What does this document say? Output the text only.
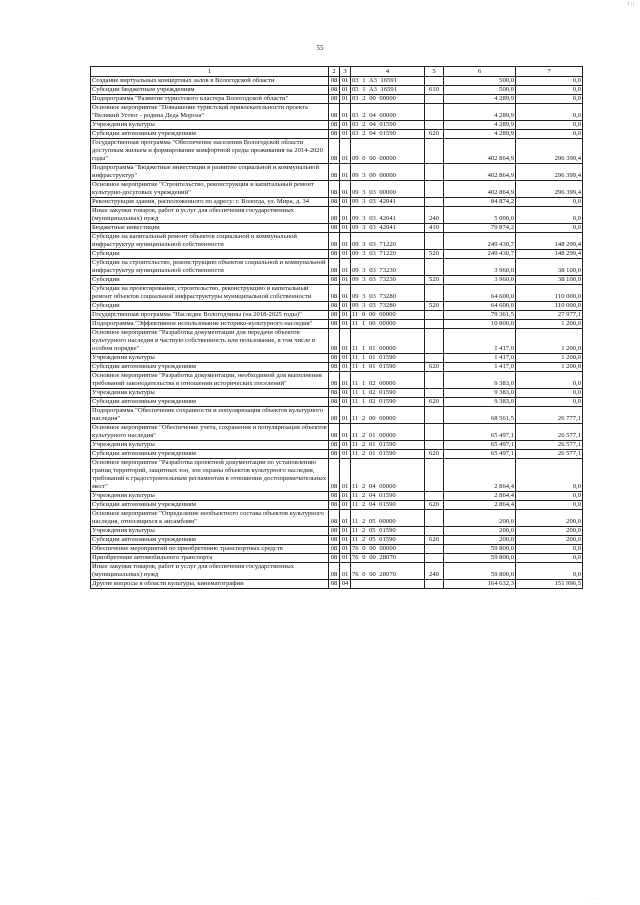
55
1 | |
· · ·
1	2	3	4	5	6	7
Создание виртуальных концертных залов в Вологодской области	08	01	03 1 A3 16591		500,0	0,0
Субсидии бюджетным учреждениям	08	01	03 1 A3 16591	610	500,0	0,0
Подпрограмма "Развитие туристского кластера Вологодской области"	08	01	03 2 00 00000		4 289,9	0,0
Основное мероприятие "Повышение туристской привлекательности проекта "Великий Устюг - родина Деда Мороза"	08	01	03 2 04 00000		4 289,9	0,0
Учреждения культуры	08	01	03 2 04 01590		4 289,9	0,0
Субсидии автономным учреждениям	08	01	03 2 04 01590	620	4 289,9	0,0
Государственная программа "Обеспечение населения Вологодской области доступным жильем и формирование комфортной среды проживания на 2014-2020 годы"	08	01	09 0 00 00000		402 864,9	296 399,4
Подпрограмма "Бюджетные инвестиции в развитие социальной и коммунальной инфраструктур"	08	01	09 3 00 00000		402 864,9	296 399,4
Основное мероприятие "Строительство, реконструкция и капитальный ремонт культурно-досуговых учреждений"	08	01	09 3 03 00000		402 864,9	296 399,4
Реконструкция здания, расположенного по адресу: г. Вологда, ул. Мира, д. 34	08	01	09 3 03 42041		84 874,2	0,0
Иные закупки товаров, работ и услуг для обеспечения государственных (муниципальных) нужд	08	01	09 3 03 42041	240	5 000,0	0,0
Бюджетные инвестиции	08	01	09 3 03 42041	410	79 874,2	0,0
Субсидии на капитальный ремонт объектов социальной и коммунальной инфраструктур муниципальной собственности	08	01	09 3 03 71220		249 430,7	148 299,4
Субсидии	08	01	09 3 03 71220	520	249 430,7	148 299,4
Субсидии на строительство, реконструкцию объектов социальной и коммунальной инфраструктур муниципальной собственности	08	01	09 3 03 73230		3 960,0	38 100,0
Субсидии	08	01	09 3 03 73230	520	3 960,0	38 100,0
Субсидии на проектирование, строительство, реконструкцию и капитальный ремонт объектов социальной инфраструктуры муниципальной собственности	08	01	09 3 03 73280		64 600,0	110 000,0
Субсидии	08	01	09 3 03 73280	520	64 600,0	110 000,0
Государственная программа "Наследие Вологодчины (на 2018-2025 годы)"	08	01	11 0 00 00000		79 361,5	27 977,1
Подпрограмма "Эффективное использование историко-культурного наследия"	08	01	11 1 00 00000		10 800,0	1 200,0
Основное мероприятие "Разработка документации для передачи объектов культурного наследия в частную собственность или пользование, в том числе в особом порядке"	08	01	11 1 01 00000		1 417,0	1 200,0
Учреждения культуры	08	01	11 1 01 01590		1 417,0	1 200,0
Субсидии автономным учреждениям	08	01	11 1 01 01590	620	1 417,0	1 200,0
Основное мероприятие "Разработка документации, необходимой для выполнения требований законодательства в отношении исторических поселений"	08	01	11 1 02 00000		9 383,0	0,0
Учреждения культуры	08	01	11 1 02 01590		9 383,0	0,0
Субсидии автономным учреждениям	08	01	11 1 02 01590	620	9 383,0	0,0
Подпрограмма "Обеспечение сохранности и популяризация объектов культурного наследия"	08	01	11 2 00 00000		68 561,5	26 777,1
Основное мероприятие "Обеспечение учета, сохранения и популяризация объектов культурного наследия"	08	01	11 2 01 00000		65 497,1	26 577,1
Учреждения культуры	08	01	11 2 01 01590		65 497,1	26 577,1
Субсидии автономным учреждениям	08	01	11 2 01 01590	620	65 497,1	26 577,1
Основное мероприятие "Разработка проектной документации по установлению границ территорий, защитных зон, зон охраны объектов культурного наследия, требований к градостроительным регламентам в отношении достопримечательных мест"	08	01	11 2 04 00000		2 864,4	0,0
Учреждения культуры	08	01	11 2 04 01590		2 864,4	0,0
Субсидии автономным учреждениям	08	01	11 2 04 01590	620	2 864,4	0,0
Основное мероприятие "Определение необъектного состава объектов культурного наследия, относящихся к ансамблям"	08	01	11 2 05 00000		200,0	200,0
Учреждения культуры	08	01	11 2 05 01590		200,0	200,0
Субсидии автономным учреждениям	08	01	11 2 05 01590	620	200,0	200,0
Обеспечение мероприятий по приобретению транспортных средств	08	01	76 0 00 00000		59 800,0	0,0
Приобретение автомобильного транспорта	08	01	76 0 00 28070		59 800,0	0,0
Иные закупки товаров, работ и услуг для обеспечения государственных (муниципальных) нужд	08	01	76 0 00 28070	240	59 800,0	0,0
Другие вопросы в области культуры, кинематографии	08	04			164 632,3	151 996,5
